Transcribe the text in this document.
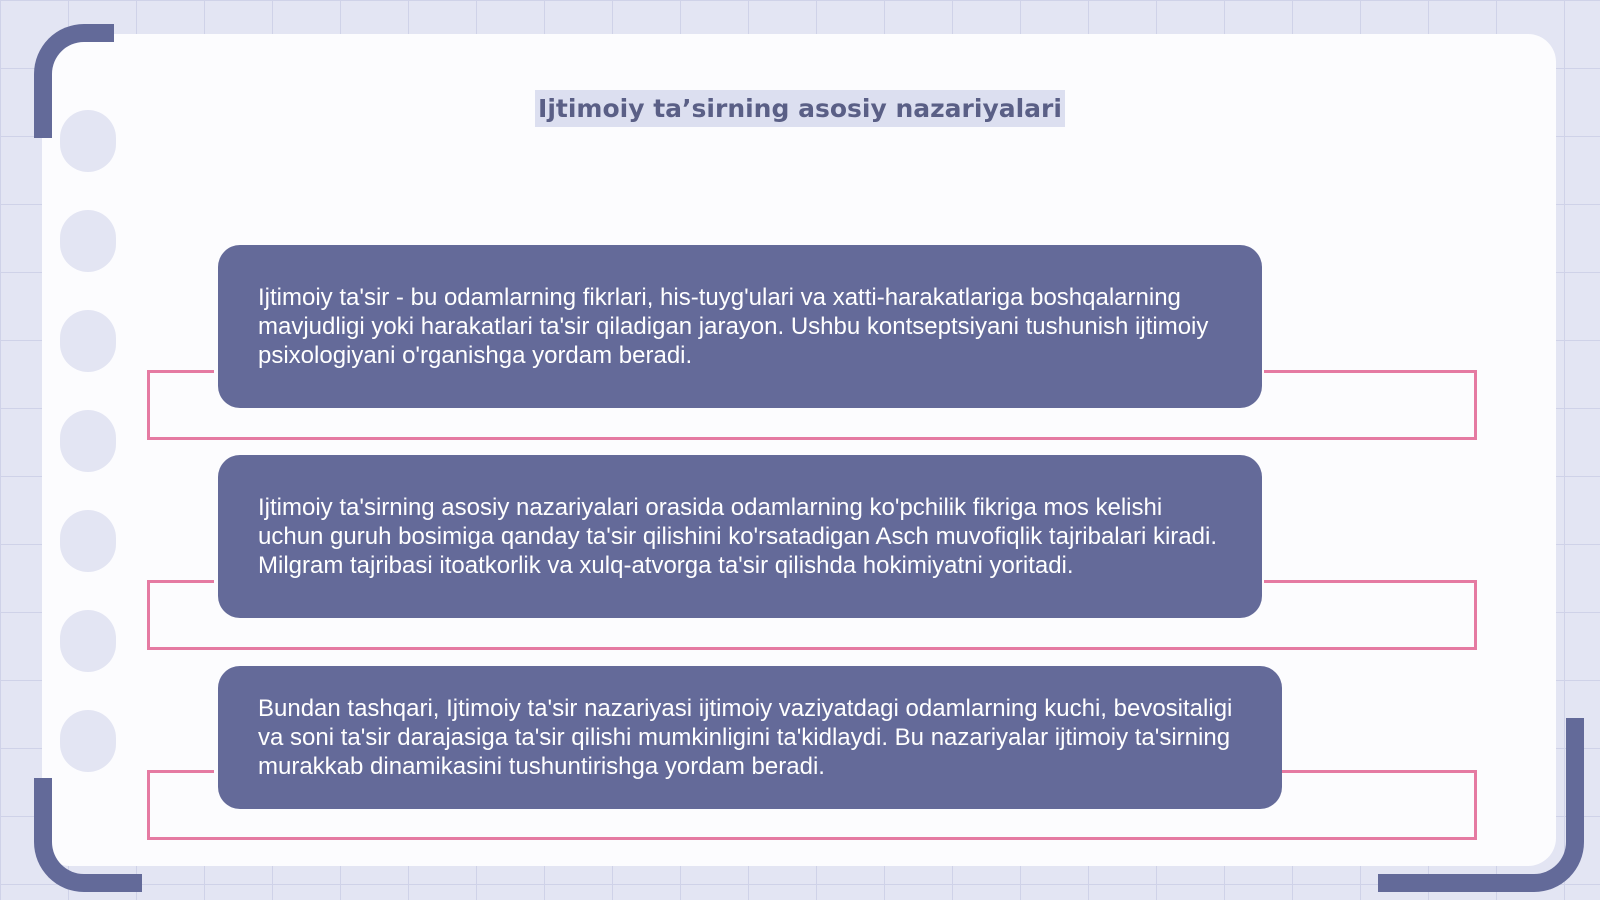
Ijtimoiy ta’sirning asosiy nazariyalari

Ijtimoiy ta'sir - bu odamlarning fikrlari, his-tuyg'ulari va xatti-harakatlariga boshqalarning mavjudligi yoki harakatlari ta'sir qiladigan jarayon. Ushbu kontseptsiyani tushunish ijtimoiy psixologiyani o'rganishga yordam beradi.

Ijtimoiy ta'sirning asosiy nazariyalari orasida odamlarning ko'pchilik fikriga mos kelishi uchun guruh bosimiga qanday ta'sir qilishini ko'rsatadigan Asch muvofiqlik tajribalari kiradi. Milgram tajribasi itoatkorlik va xulq-atvorga ta'sir qilishda hokimiyatni yoritadi.

Bundan tashqari, Ijtimoiy ta'sir nazariyasi ijtimoiy vaziyatdagi odamlarning kuchi, bevositaligi va soni ta'sir darajasiga ta'sir qilishi mumkinligini ta'kidlaydi. Bu nazariyalar ijtimoiy ta'sirning murakkab dinamikasini tushuntirishga yordam beradi.
